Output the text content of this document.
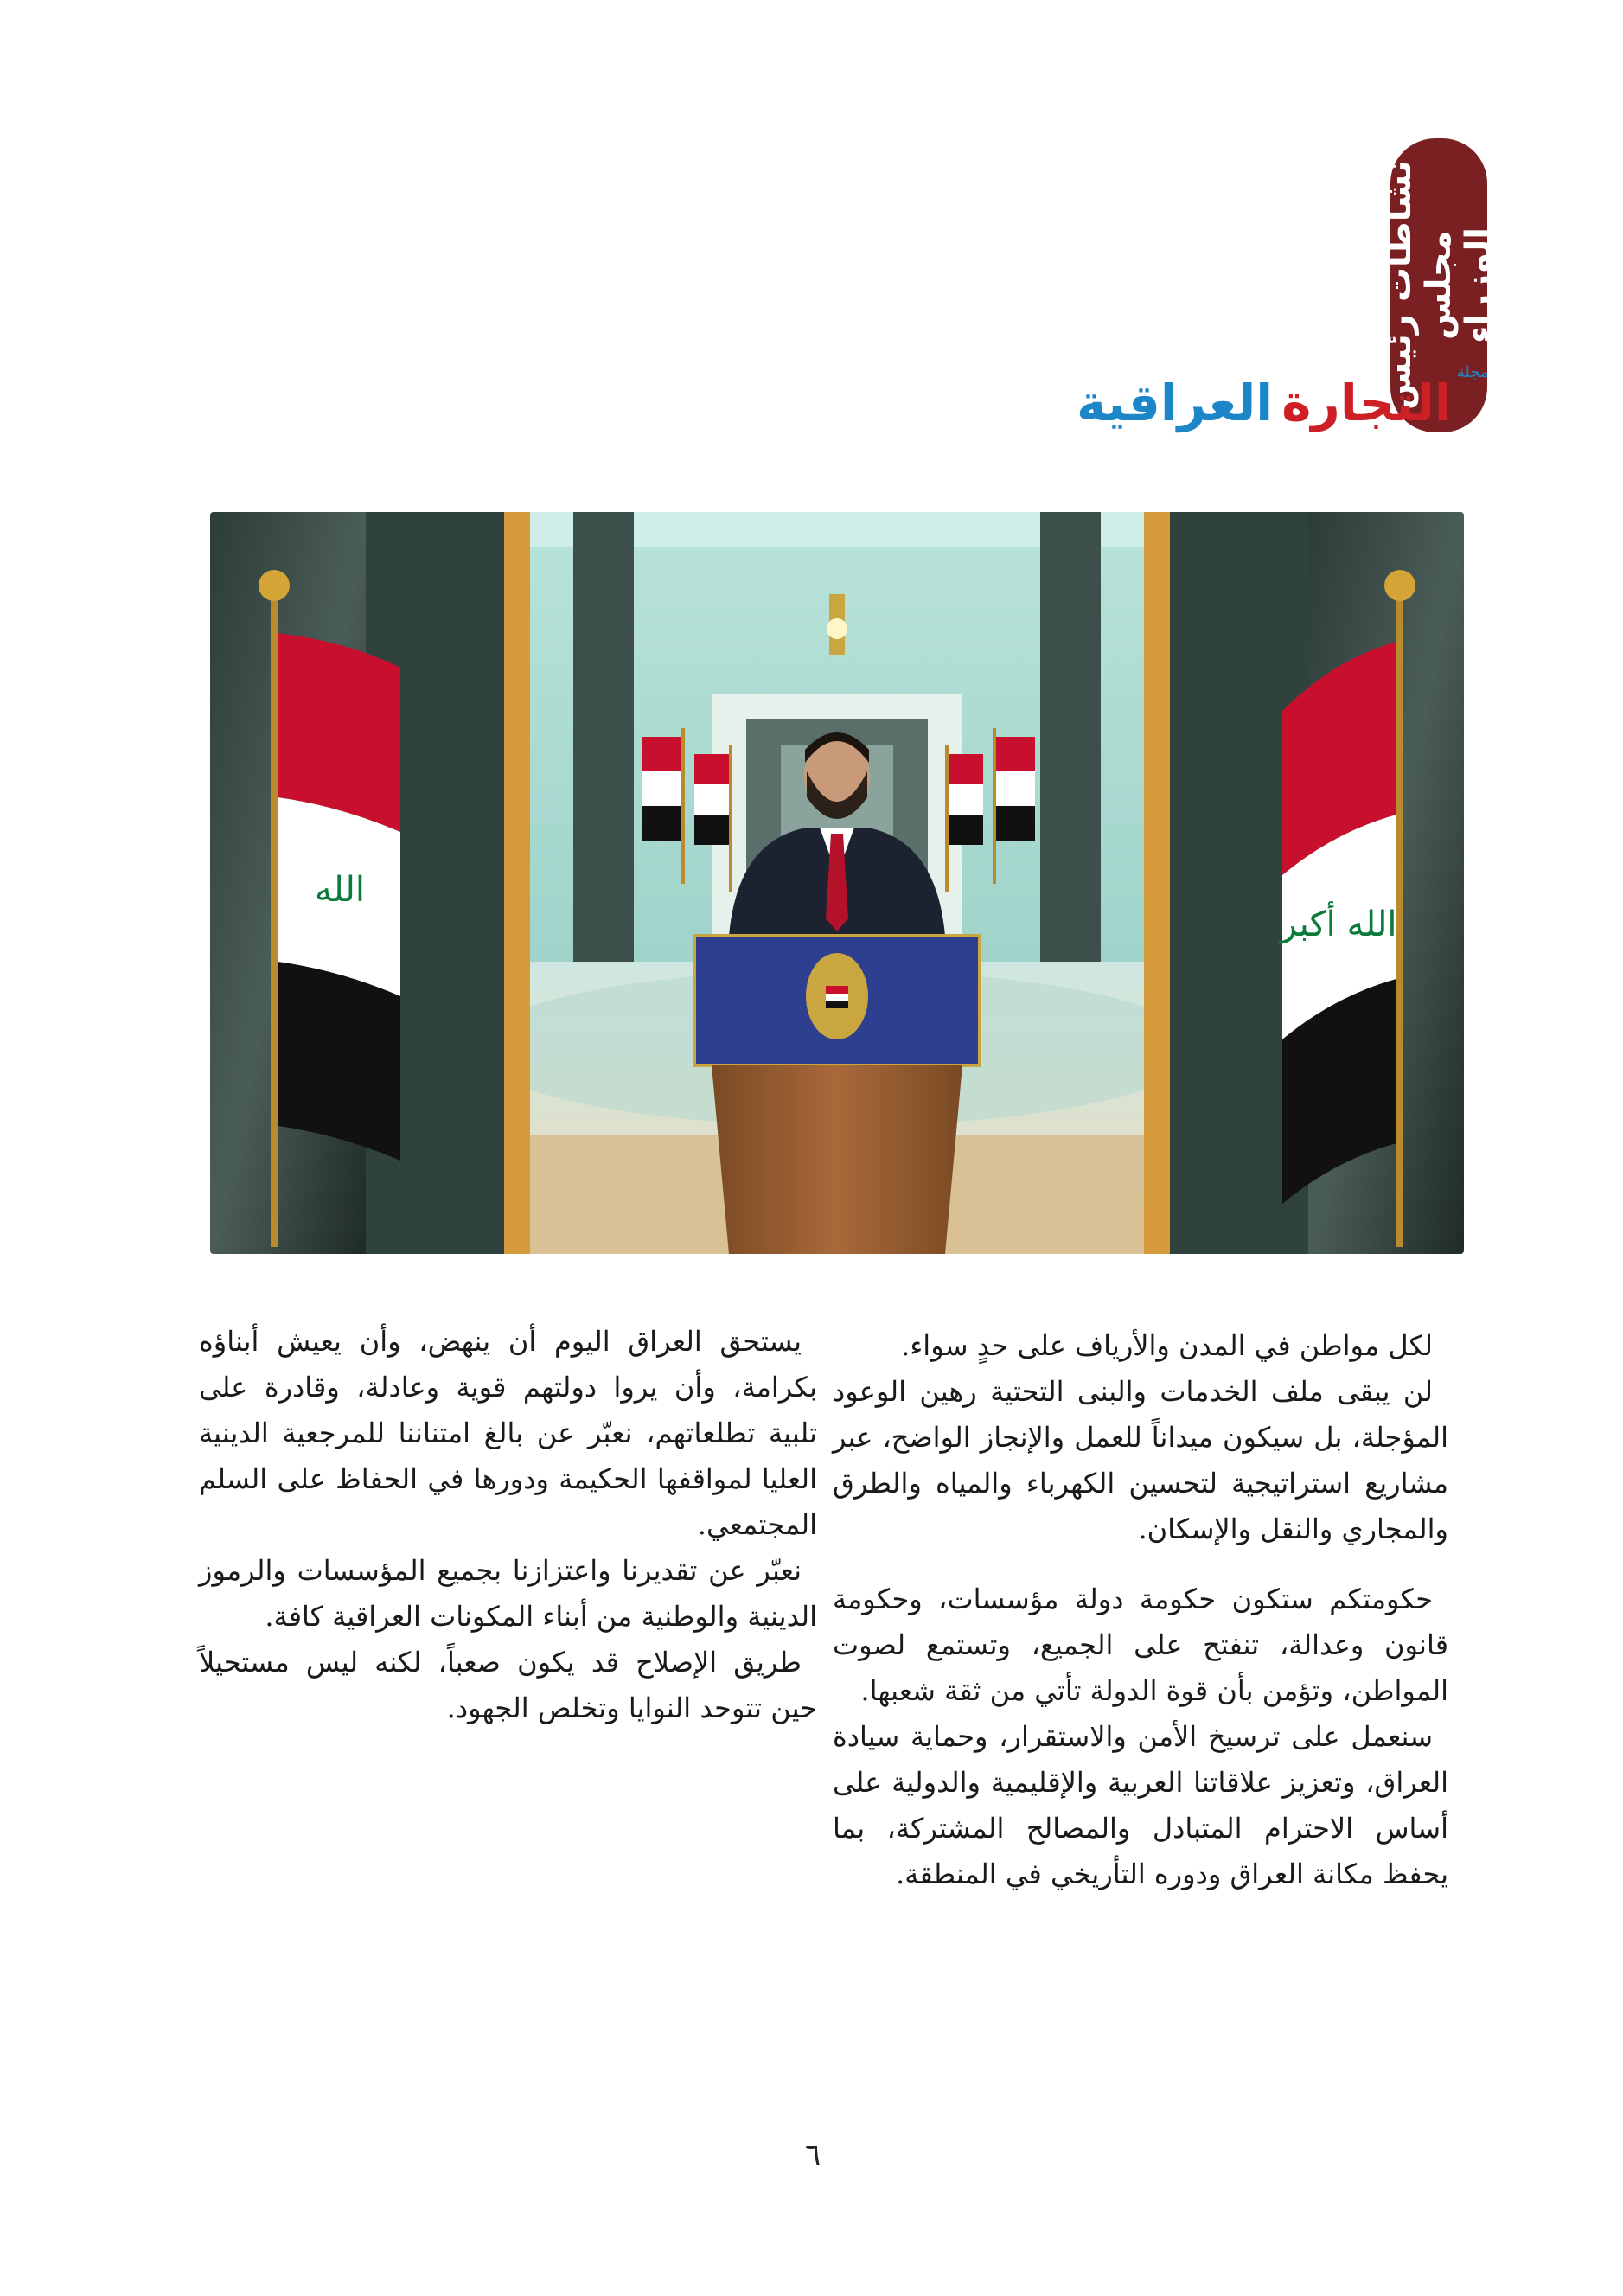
نشاطات رئيس مجلس
الوزراء
مجلة
التجارة
العراقية
الله
الله أكبر

لكل مواطن في المدن والأرياف على حدٍ سواء.

لن يبقى ملف الخدمات والبنى التحتية رهين الوعود المؤجلة، بل سيكون ميداناً للعمل والإنجاز الواضح، عبر مشاريع استراتيجية لتحسين الكهرباء والمياه والطرق والمجاري والنقل والإسكان.

حكومتكم ستكون حكومة دولة مؤسسات، وحكومة قانون وعدالة، تنفتح على الجميع، وتستمع لصوت المواطن، وتؤمن بأن قوة الدولة تأتي من ثقة شعبها.

سنعمل على ترسيخ الأمن والاستقرار، وحماية سيادة العراق، وتعزيز علاقاتنا العربية والإقليمية والدولية على أساس الاحترام المتبادل والمصالح المشتركة، بما يحفظ مكانة العراق ودوره التأريخي في المنطقة.

يستحق العراق اليوم أن ينهض، وأن يعيش أبناؤه بكرامة، وأن يروا دولتهم قوية وعادلة، وقادرة على تلبية تطلعاتهم، نعبّر عن بالغ امتناننا للمرجعية الدينية العليا لمواقفها الحكيمة ودورها في الحفاظ على السلم المجتمعي.

نعبّر عن تقديرنا واعتزازنا بجميع المؤسسات والرموز الدينية والوطنية من أبناء المكونات العراقية كافة.

طريق الإصلاح قد يكون صعباً، لكنه ليس مستحيلاً حين تتوحد النوايا وتخلص الجهود.

٦
